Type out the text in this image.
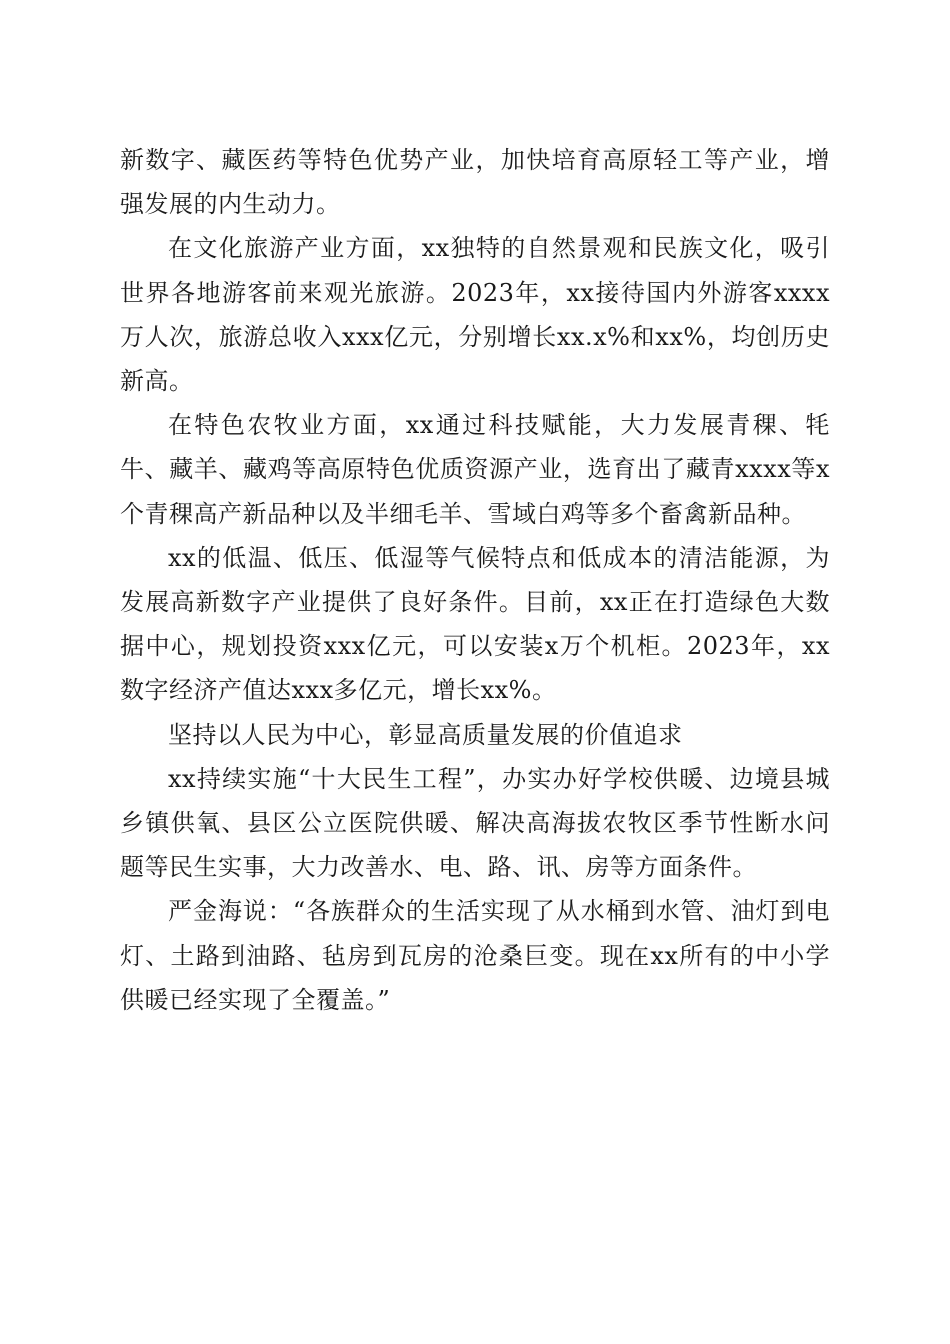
新数字、藏医药等特色优势产业，加快培育高原轻工等产业，增强发展的内生动力。

在文化旅游产业方面，xx独特的自然景观和民族文化，吸引世界各地游客前来观光旅游。2023年，xx接待国内外游客xxxx万人次，旅游总收入xxx亿元，分别增长xx.x%和xx%，均创历史新高。

在特色农牧业方面，xx通过科技赋能，大力发展青稞、牦牛、藏羊、藏鸡等高原特色优质资源产业，选育出了藏青xxxx等x个青稞高产新品种以及半细毛羊、雪域白鸡等多个畜禽新品种。

xx的低温、低压、低湿等气候特点和低成本的清洁能源，为发展高新数字产业提供了良好条件。目前，xx正在打造绿色大数据中心，规划投资xxx亿元，可以安装x万个机柜。2023年，xx数字经济产值达xxx多亿元，增长xx%。

坚持以人民为中心，彰显高质量发展的价值追求

xx持续实施“十大民生工程”，办实办好学校供暖、边境县城乡镇供氧、县区公立医院供暖、解决高海拔农牧区季节性断水问题等民生实事，大力改善水、电、路、讯、房等方面条件。

严金海说：“各族群众的生活实现了从水桶到水管、油灯到电灯、土路到油路、毡房到瓦房的沧桑巨变。现在xx所有的中小学供暖已经实现了全覆盖。”
